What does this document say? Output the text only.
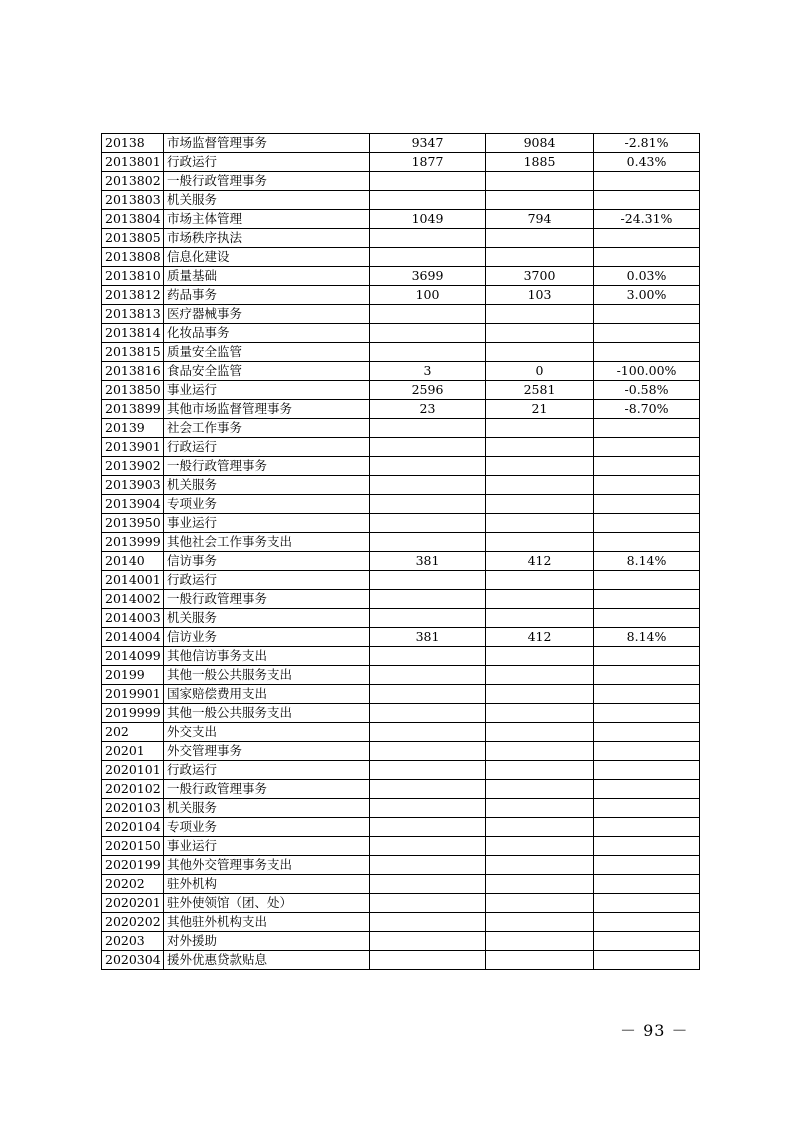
20138	市场监督管理事务	9347	9084	-2.81%
2013801	行政运行	1877	1885	0.43%
2013802	一般行政管理事务			
2013803	机关服务			
2013804	市场主体管理	1049	794	-24.31%
2013805	市场秩序执法			
2013808	信息化建设			
2013810	质量基础	3699	3700	0.03%
2013812	药品事务	100	103	3.00%
2013813	医疗器械事务			
2013814	化妆品事务			
2013815	质量安全监管			
2013816	食品安全监管	3	0	-100.00%
2013850	事业运行	2596	2581	-0.58%
2013899	其他市场监督管理事务	23	21	-8.70%
20139	社会工作事务			
2013901	行政运行			
2013902	一般行政管理事务			
2013903	机关服务			
2013904	专项业务			
2013950	事业运行			
2013999	其他社会工作事务支出			
20140	信访事务	381	412	8.14%
2014001	行政运行			
2014002	一般行政管理事务			
2014003	机关服务			
2014004	信访业务	381	412	8.14%
2014099	其他信访事务支出			
20199	其他一般公共服务支出			
2019901	国家赔偿费用支出			
2019999	其他一般公共服务支出			
202	外交支出			
20201	外交管理事务			
2020101	行政运行			
2020102	一般行政管理事务			
2020103	机关服务			
2020104	专项业务			
2020150	事业运行			
2020199	其他外交管理事务支出			
20202	驻外机构			
2020201	驻外使领馆（团、处）			
2020202	其他驻外机构支出			
20203	对外援助			
2020304	援外优惠贷款贴息			
－ 93 －
